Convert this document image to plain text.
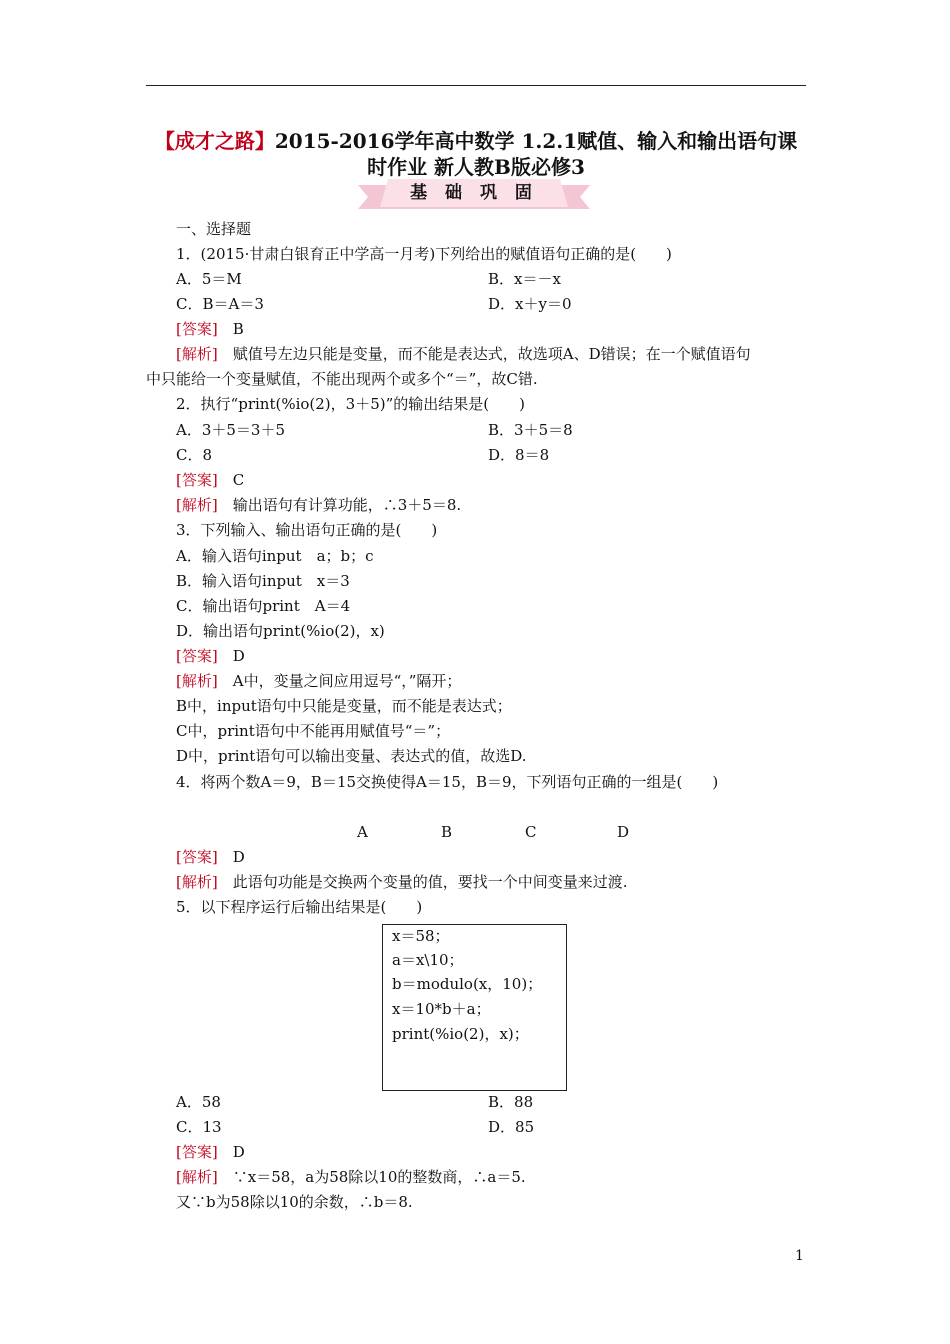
【成才之路】2015-2016学年高中数学 1.2.1赋值、输入和输出语句课
时作业 新人教B版必修3
基 础 巩 固
一、选择题
1．(2015·甘肃白银育正中学高一月考)下列给出的赋值语句正确的是(　　)
A．5＝M	B．x＝－x
C．B＝A＝3	D．x＋y＝0
[答案]　 B
[解析]　 赋值号左边只能是变量，而不能是表达式，故选项A、D错误；在一个赋值语句
中只能给一个变量赋值，不能出现两个或多个“＝”，故C错.
2．执行“print(%io(2)，3＋5)”的输出结果是(　　)
A．3＋5＝3＋5	B．3＋5＝8
C．8	D．8＝8
[答案]　 C
[解析]　 输出语句有计算功能，∴3＋5＝8.
3．下列输入、输出语句正确的是(　　)
A．输入语句input　a；b；c
B．输入语句input　x＝3
C．输出语句print　A＝4
D．输出语句print(%io(2)，x)
[答案]　 D
[解析]　 A中，变量之间应用逗号“，”隔开；
B中，input语句中只能是变量，而不能是表达式；
C中，print语句中不能再用赋值号“＝”；
D中，print语句可以输出变量、表达式的值，故选D.
4．将两个数A＝9，B＝15交换使得A＝15，B＝9，下列语句正确的一组是(　　)
A	B	C	D
[答案]　 D
[解析]　 此语句功能是交换两个变量的值，要找一个中间变量来过渡.
5．以下程序运行后输出结果是(　　)
x＝58；
a＝x\10；
b＝modulo(x，10)；
x＝10*b＋a；
print(%io(2)，x)；
A．58	B．88
C．13	D．85
[答案]　 D
[解析]　 ∵x＝58，a为58除以10的整数商，∴a＝5.
又∵b为58除以10的余数，∴b＝8.
1
